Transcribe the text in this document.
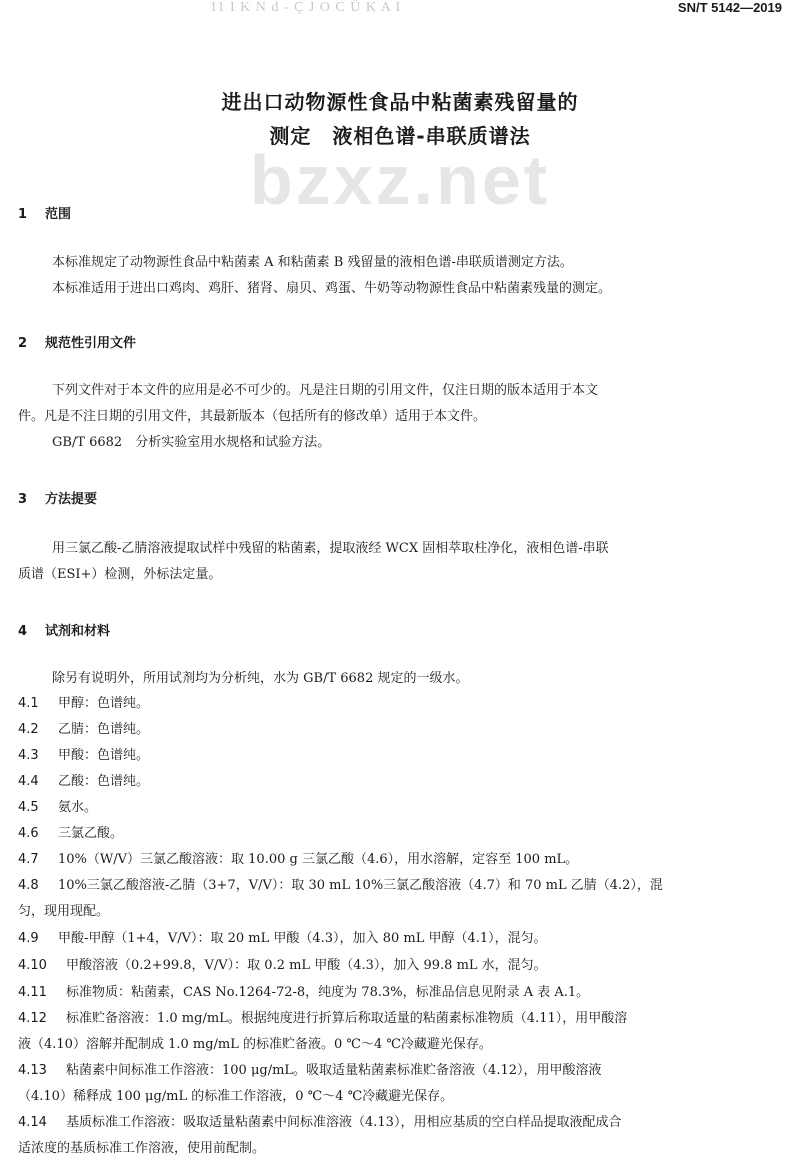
11 I K N d - Ç J O C Ü K A I	SN/T 5142—2019
进出口动物源性食品中粘菌素残留量的
测定　液相色谱-串联质谱法
bzxz.net
1 范围
本标准规定了动物源性食品中粘菌素 A 和粘菌素 B 残留量的液相色谱-串联质谱测定方法。
本标准适用于进出口鸡肉、鸡肝、猪肾、扇贝、鸡蛋、牛奶等动物源性食品中粘菌素残量的测定。
2 规范性引用文件
下列文件对于本文件的应用是必不可少的。凡是注日期的引用文件，仅注日期的版本适用于本文
件。凡是不注日期的引用文件，其最新版本（包括所有的修改单）适用于本文件。
GB/T 6682　分析实验室用水规格和试验方法。
3 方法提要
用三氯乙酸-乙腈溶液提取试样中残留的粘菌素，提取液经 WCX 固相萃取柱净化，液相色谱-串联
质谱（ESI+）检测，外标法定量。
4 试剂和材料
除另有说明外，所用试剂均为分析纯，水为 GB/T 6682 规定的一级水。
4.1 甲醇：色谱纯。
4.2 乙腈：色谱纯。
4.3 甲酸：色谱纯。
4.4 乙酸：色谱纯。
4.5 氨水。
4.6 三氯乙酸。
4.7 10%（W/V）三氯乙酸溶液：取 10.00 g 三氯乙酸（4.6），用水溶解，定容至 100 mL。
4.8 10%三氯乙酸溶液-乙腈（3+7，V/V）：取 30 mL 10%三氯乙酸溶液（4.7）和 70 mL 乙腈（4.2），混
匀，现用现配。
4.9 甲酸-甲醇（1+4，V/V）：取 20 mL 甲酸（4.3），加入 80 mL 甲醇（4.1），混匀。
4.10 甲酸溶液（0.2+99.8，V/V）：取 0.2 mL 甲酸（4.3），加入 99.8 mL 水，混匀。
4.11 标准物质：粘菌素，CAS No.1264-72-8，纯度为 78.3%，标准品信息见附录 A 表 A.1。
4.12 标准贮备溶液：1.0 mg/mL。根据纯度进行折算后称取适量的粘菌素标准物质（4.11），用甲酸溶
液（4.10）溶解并配制成 1.0 mg/mL 的标准贮备液。0 ℃～4 ℃冷藏避光保存。
4.13 粘菌素中间标准工作溶液：100 μg/mL。吸取适量粘菌素标准贮备溶液（4.12），用甲酸溶液
（4.10）稀释成 100 μg/mL 的标准工作溶液，0 ℃～4 ℃冷藏避光保存。
4.14 基质标准工作溶液：吸取适量粘菌素中间标准溶液（4.13），用相应基质的空白样品提取液配成合
适浓度的基质标准工作溶液，使用前配制。
